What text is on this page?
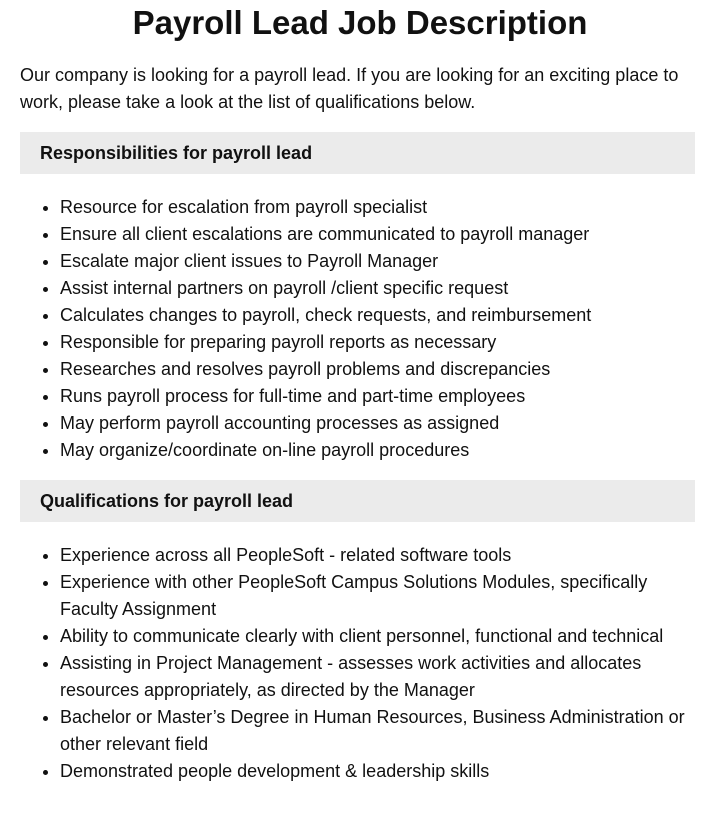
Payroll Lead Job Description

Our company is looking for a payroll lead. If you are looking for an exciting place to work, please take a look at the list of qualifications below.

Responsibilities for payroll lead
• Resource for escalation from payroll specialist
• Ensure all client escalations are communicated to payroll manager
• Escalate major client issues to Payroll Manager
• Assist internal partners on payroll /client specific request
• Calculates changes to payroll, check requests, and reimbursement
• Responsible for preparing payroll reports as necessary
• Researches and resolves payroll problems and discrepancies
• Runs payroll process for full-time and part-time employees
• May perform payroll accounting processes as assigned
• May organize/coordinate on-line payroll procedures
Qualifications for payroll lead
• Experience across all PeopleSoft - related software tools
• Experience with other PeopleSoft Campus Solutions Modules, specifically Faculty Assignment
• Ability to communicate clearly with client personnel, functional and technical
• Assisting in Project Management - assesses work activities and allocates resources appropriately, as directed by the Manager
• Bachelor or Master’s Degree in Human Resources, Business Administration or other relevant field
• Demonstrated people development & leadership skills
